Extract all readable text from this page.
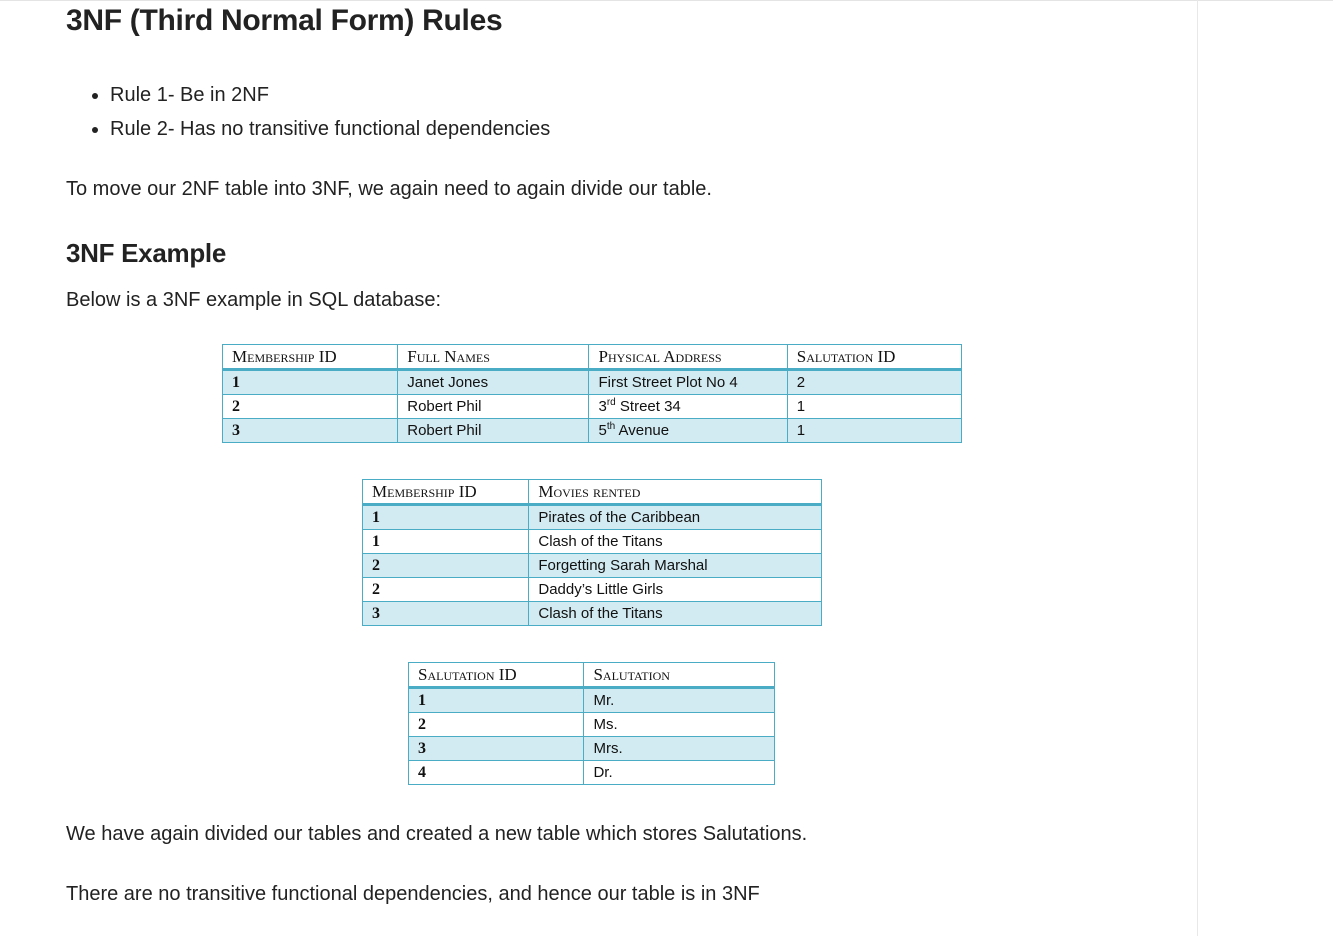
3NF (Third Normal Form) Rules
• Rule 1- Be in 2NF
• Rule 2- Has no transitive functional dependencies

To move our 2NF table into 3NF, we again need to again divide our table.

3NF Example

Below is a 3NF example in SQL database:

Membership ID	Full Names	Physical Address	Salutation ID
1	Janet Jones	First Street Plot No 4	2
2	Robert Phil	3rd Street 34	1
3	Robert Phil	5th Avenue	1
Membership ID	Movies rented
1	Pirates of the Caribbean
1	Clash of the Titans
2	Forgetting Sarah Marshal
2	Daddy’s Little Girls
3	Clash of the Titans
Salutation ID	Salutation
1	Mr.
2	Ms.
3	Mrs.
4	Dr.

We have again divided our tables and created a new table which stores Salutations.

There are no transitive functional dependencies, and hence our table is in 3NF
